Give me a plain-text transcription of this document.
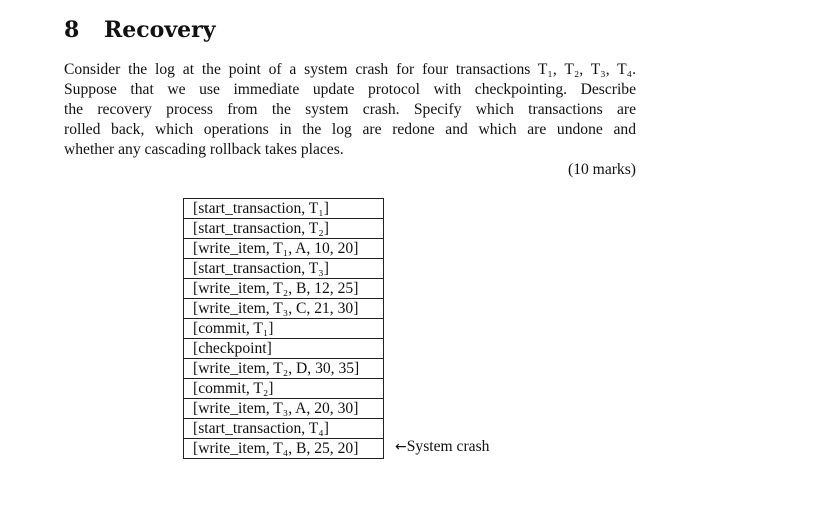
8 Recovery
Consider the log at the point of a system crash for four transactions T₁, T₂, T₃, T₄.
Suppose that we use immediate update protocol with checkpointing. Describe
the recovery process from the system crash. Specify which transactions are
rolled back, which operations in the log are redone and which are undone and
whether any cascading rollback takes places.
(10 marks)
[start_transaction, T₁]
[start_transaction, T₂]
[write_item, T₁, A, 10, 20]
[start_transaction, T₃]
[write_item, T₂, B, 12, 25]
[write_item, T₃, C, 21, 30]
[commit, T₁]
[checkpoint]
[write_item, T₂, D, 30, 35]
[commit, T₂]
[write_item, T₃, A, 20, 30]
[start_transaction, T₄]
[write_item, T₄, B, 25, 20]	←System crash
